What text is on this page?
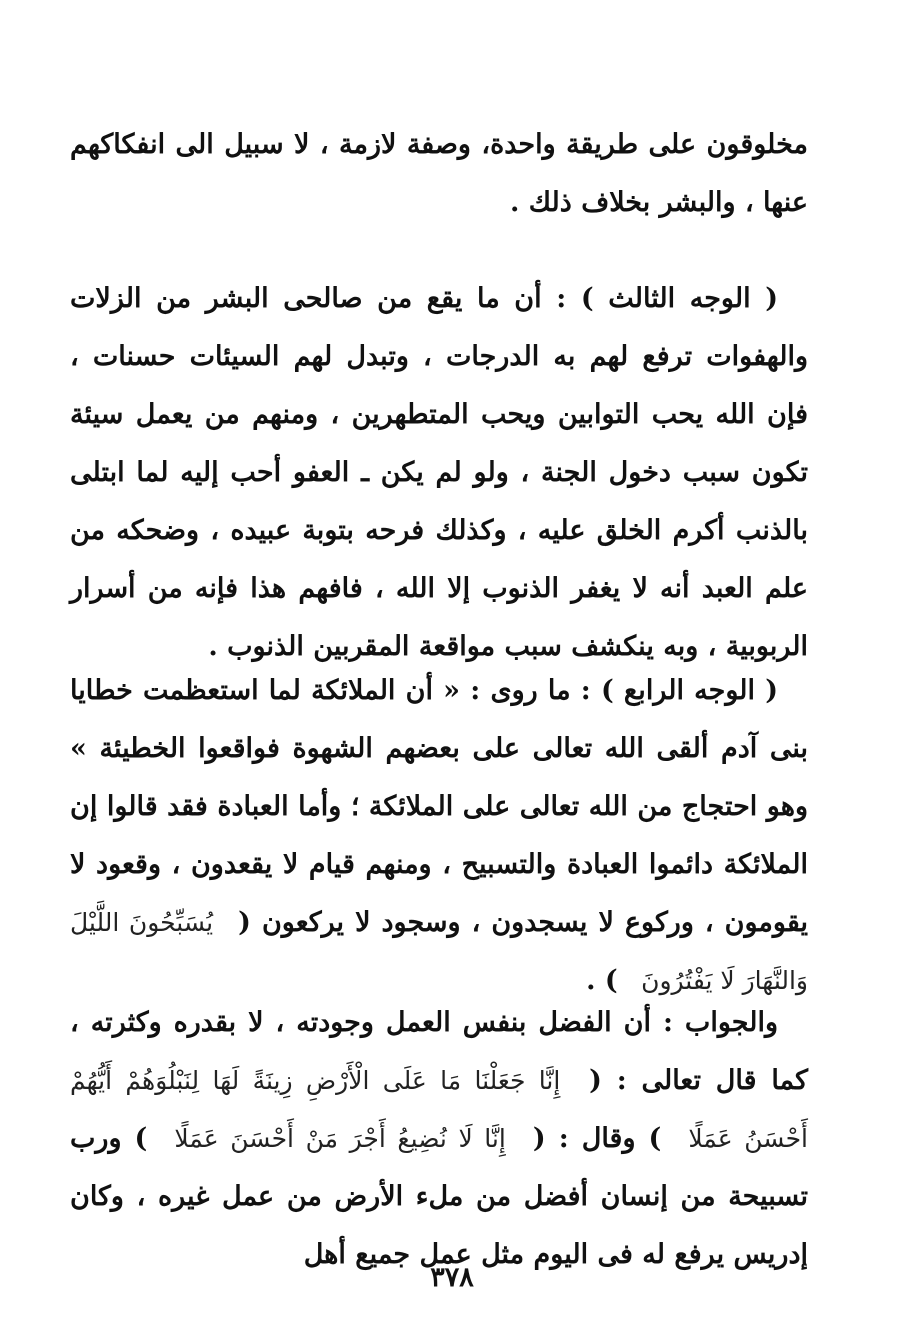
مخلوقون على طريقة واحدة، وصفة لازمة ، لا سبيل الى انفكاكهم عنها ، والبشر بخلاف ذلك .

( الوجه الثالث ) : أن ما يقع من صالحى البشر من الزلات والهفوات ترفع لهم به الدرجات ، وتبدل لهم السيئات حسنات ، فإن الله يحب التوابين ويحب المتطهرين ، ومنهم من يعمل سيئة تكون سبب دخول الجنة ، ولو لم يكن ـ العفو أحب إليه لما ابتلى بالذنب أكرم الخلق عليه ، وكذلك فرحه بتوبة عبيده ، وضحكه من علم العبد أنه لا يغفر الذنوب إلا الله ، فافهم هذا فإنه من أسرار الربوبية ، وبه ينكشف سبب مواقعة المقربين الذنوب .

( الوجه الرابع ) : ما روى : « أن الملائكة لما استعظمت خطايا بنى آدم ألقى الله تعالى على بعضهم الشهوة فواقعوا الخطيئة » وهو احتجاج من الله تعالى على الملائكة ؛ وأما العبادة فقد قالوا إن الملائكة دائموا العبادة والتسبيح ، ومنهم قيام لا يقعدون ، وقعود لا يقومون ، وركوع لا يسجدون ، وسجود لا يركعون ( يُسَبِّحُونَ اللَّيْلَ وَالنَّهَارَ لَا يَفْتُرُونَ ) .

والجواب : أن الفضل بنفس العمل وجودته ، لا بقدره وكثرته ، كما قال تعالى : ( إِنَّا جَعَلْنَا مَا عَلَى الْأَرْضِ زِينَةً لَهَا لِنَبْلُوَهُمْ أَيُّهُمْ أَحْسَنُ عَمَلًا ) وقال : ( إِنَّا لَا نُضِيعُ أَجْرَ مَنْ أَحْسَنَ عَمَلًا ) ورب تسبيحة من إنسان أفضل من ملء الأرض من عمل غيره ، وكان إدريس يرفع له فى اليوم مثل عمل جميع أهل

٣٧٨
